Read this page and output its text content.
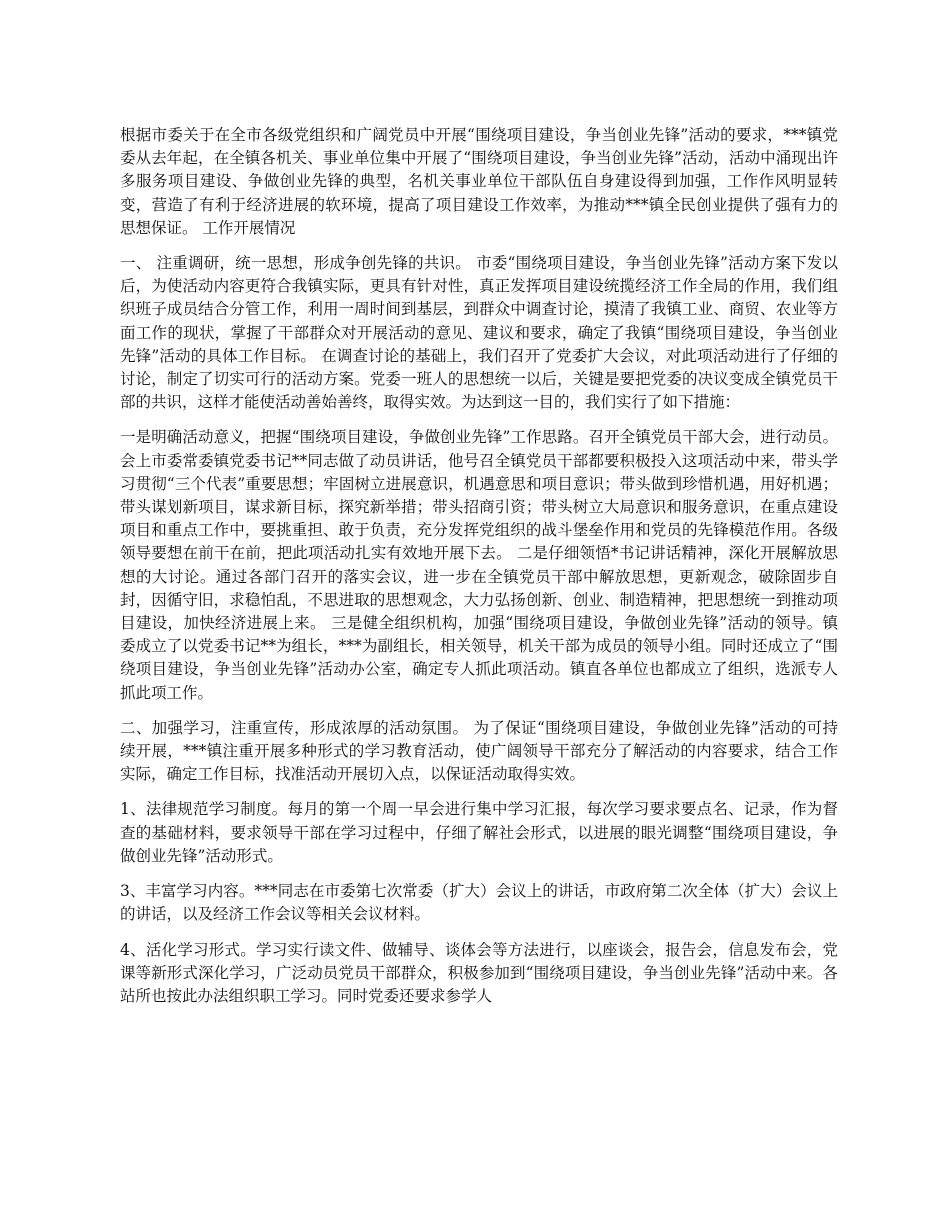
根据市委关于在全市各级党组织和广阔党员中开展“围绕项目建设，争当创业先锋”活动的要求，***镇党委从去年起，在全镇各机关、事业单位集中开展了“围绕项目建设，争当创业先锋”活动，活动中涌现出许多服务项目建设、争做创业先锋的典型，名机关事业单位干部队伍自身建设得到加强，工作作风明显转变，营造了有利于经济进展的软环境，提高了项目建设工作效率，为推动***镇全民创业提供了强有力的思想保证。 工作开展情况

一、 注重调研，统一思想，形成争创先锋的共识。 市委“围绕项目建设，争当创业先锋”活动方案下发以后，为使活动内容更符合我镇实际，更具有针对性，真正发挥项目建设统揽经济工作全局的作用，我们组织班子成员结合分管工作，利用一周时间到基层，到群众中调查讨论，摸清了我镇工业、商贸、农业等方面工作的现状，掌握了干部群众对开展活动的意见、建议和要求，确定了我镇“围绕项目建设，争当创业先锋”活动的具体工作目标。 在调查讨论的基础上，我们召开了党委扩大会议，对此项活动进行了仔细的讨论，制定了切实可行的活动方案。党委一班人的思想统一以后，关键是要把党委的决议变成全镇党员干部的共识，这样才能使活动善始善终，取得实效。为达到这一目的，我们实行了如下措施：

一是明确活动意义，把握“围绕项目建设，争做创业先锋”工作思路。召开全镇党员干部大会，进行动员。会上市委常委镇党委书记**同志做了动员讲话，他号召全镇党员干部都要积极投入这项活动中来，带头学习贯彻“三个代表”重要思想；牢固树立进展意识，机遇意思和项目意识；带头做到珍惜机遇，用好机遇；带头谋划新项目，谋求新目标，探究新举措；带头招商引资；带头树立大局意识和服务意识，在重点建设项目和重点工作中，要挑重担、敢于负责，充分发挥党组织的战斗堡垒作用和党员的先锋模范作用。各级领导要想在前干在前，把此项活动扎实有效地开展下去。 二是仔细领悟*书记讲话精神，深化开展解放思想的大讨论。通过各部门召开的落实会议，进一步在全镇党员干部中解放思想，更新观念，破除固步自封，因循守旧，求稳怕乱，不思进取的思想观念，大力弘扬创新、创业、制造精神，把思想统一到推动项目建设，加快经济进展上来。 三是健全组织机构，加强“围绕项目建设，争做创业先锋”活动的领导。镇委成立了以党委书记**为组长，***为副组长，相关领导，机关干部为成员的领导小组。同时还成立了“围绕项目建设，争当创业先锋”活动办公室，确定专人抓此项活动。镇直各单位也都成立了组织，选派专人抓此项工作。

二、加强学习，注重宣传，形成浓厚的活动氛围。 为了保证“围绕项目建设，争做创业先锋”活动的可持续开展，***镇注重开展多种形式的学习教育活动，使广阔领导干部充分了解活动的内容要求，结合工作实际，确定工作目标，找准活动开展切入点，以保证活动取得实效。

1、法律规范学习制度。每月的第一个周一早会进行集中学习汇报，每次学习要求要点名、记录，作为督查的基础材料，要求领导干部在学习过程中，仔细了解社会形式，以进展的眼光调整“围绕项目建设，争做创业先锋”活动形式。

3、丰富学习内容。***同志在市委第七次常委（扩大）会议上的讲话，市政府第二次全体（扩大）会议上的讲话，以及经济工作会议等相关会议材料。

4、活化学习形式。学习实行读文件、做辅导、谈体会等方法进行，以座谈会，报告会，信息发布会，党课等新形式深化学习，广泛动员党员干部群众，积极参加到“围绕项目建设，争当创业先锋”活动中来。各站所也按此办法组织职工学习。同时党委还要求参学人
